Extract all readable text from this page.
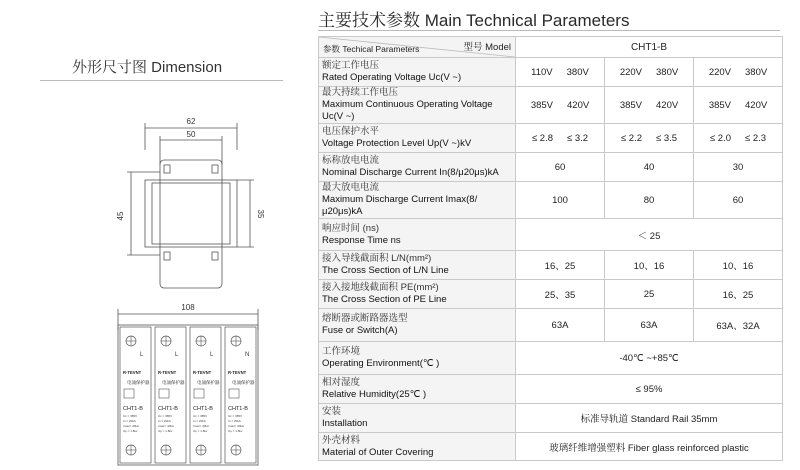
外形尺寸图 Dimension
62
50
45	35
108
L
R-TEVNT
电涌保护器
CHT1-B
Uc = 385V
In = 20kA
Imax= 40kA
Up = 1.8kv
L
R-TEVNT
电涌保护器
CHT1-B
Uc = 385V
In = 20kA
Imax= 40kA
Up = 1.8kv
L
R-TEVNT
电涌保护器
CHT1-B
Uc = 385V
In = 20kA
Imax= 40kA
Up = 1.8kv
N
R-TEVNT
电涌保护器
CHT1-B
Uc = 385V
In = 20kA
Imax= 40kA
Up = 1.8kv
主要技术参数 Main Technical Parameters
型号 Model
参数 Techical Parameters	CHT1-B		

额定工作电压
Rated Operating Voltage Uc(V ~)	110V 380V	220V 380V	220V 380V

最大持续工作电压
Maximum Continuous Operating Voltage Uc(V ~)	385V 420V	385V 420V	385V 420V

电压保护水平
Voltage Protection Level Up(V ~)kV	≤ 2.8 ≤ 3.2	≤ 2.2 ≤ 3.5	≤ 2.0 ≤ 2.3

标称放电电流
Nominal Discharge Current In(8/μ20μs)kA	60	40	30

最大放电电流
Maximum Discharge Current Imax(8/μ20μs)kA	100	80	60

响应时间 (ns)
Response Time ns	＜ 25		

接入导线截面积 L/N(mm²)
The Cross Section of L/N Line	16、25	10、16	10、16

接入接地线截面积 PE(mm²)
The Cross Section of PE Line	25、35	25	16、25

熔断器或断路器选型
Fuse or Switch(A)	63A	63A	63A、32A

工作环境
Operating Environment(℃ )	-40℃ ~+85℃		

相对湿度
Relative Humidity(25℃ )	≤ 95%		

安装
Installation	标准导轨道 Standard Rail 35mm		

外壳材料
Material of Outer Covering	玻璃纤维增强塑料 Fiber glass reinforced plastic		
